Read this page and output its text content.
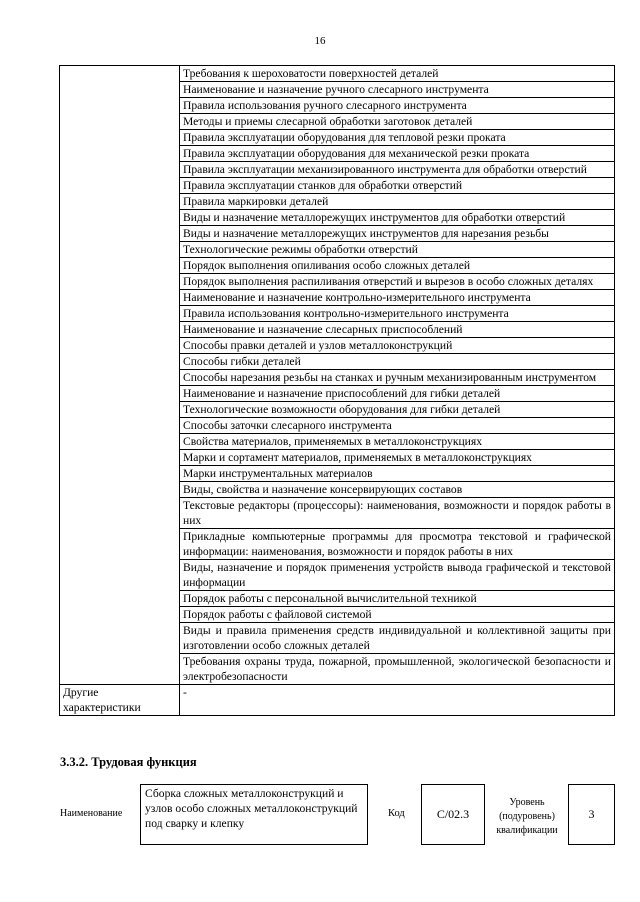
16
	Требования к шероховатости поверхностей деталей
	Наименование и назначение ручного слесарного инструмента
	Правила использования ручного слесарного инструмента
	Методы и приемы слесарной обработки заготовок деталей
	Правила эксплуатации оборудования для тепловой резки проката
	Правила эксплуатации оборудования для механической резки проката
	Правила эксплуатации механизированного инструмента для обработки отверстий
	Правила эксплуатации станков для обработки отверстий
	Правила маркировки деталей
	Виды и назначение металлорежущих инструментов для обработки отверстий
	Виды и назначение металлорежущих инструментов для нарезания резьбы
	Технологические режимы обработки отверстий
	Порядок выполнения опиливания особо сложных деталей
	Порядок выполнения распиливания отверстий и вырезов в особо сложных деталях
	Наименование и назначение контрольно-измерительного инструмента
	Правила использования контрольно-измерительного инструмента
	Наименование и назначение слесарных приспособлений
	Способы правки деталей и узлов металлоконструкций
	Способы гибки деталей
	Способы нарезания резьбы на станках и ручным механизированным инструментом
	Наименование и назначение приспособлений для гибки деталей
	Технологические возможности оборудования для гибки деталей
	Способы заточки слесарного инструмента
	Свойства материалов, применяемых в металлоконструкциях
	Марки и сортамент материалов, применяемых в металлоконструкциях
	Марки инструментальных материалов
	Виды, свойства и назначение консервирующих составов
	Текстовые редакторы (процессоры): наименования, возможности и порядок работы в них
	Прикладные компьютерные программы для просмотра текстовой и графической информации: наименования, возможности и порядок работы в них
	Виды, назначение и порядок применения устройств вывода графической и текстовой информации
	Порядок работы с персональной вычислительной техникой
	Порядок работы с файловой системой
	Виды и правила применения средств индивидуальной и коллективной защиты при изготовлении особо сложных деталей
	Требования охраны труда, пожарной, промышленной, экологической безопасности и электробезопасности
Другие характеристики	-
3.3.2. Трудовая функция
Наименование
Сборка сложных металлоконструкций и узлов особо сложных металлоконструкций под сварку и клепку
Код	С/02.3
Уровень (подуровень) квалификации
3
